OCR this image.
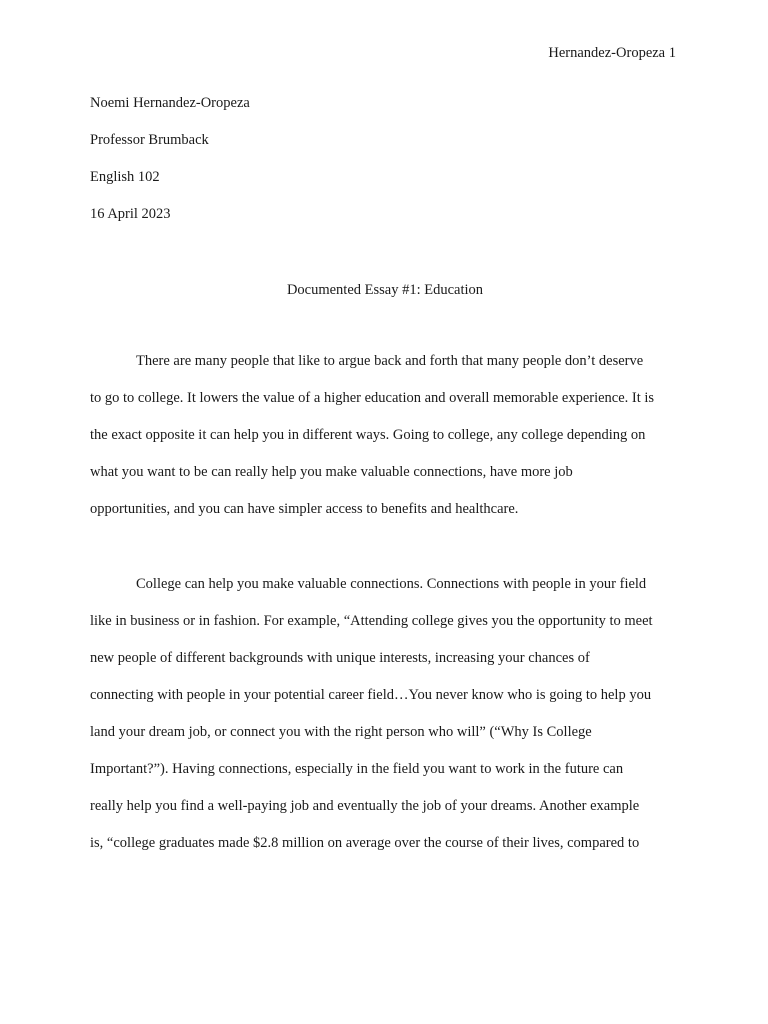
Hernandez-Oropeza 1
Noemi Hernandez-Oropeza
Professor Brumback
English 102
16 April 2023
Documented Essay #1: Education
There are many people that like to argue back and forth that many people don’t deserve
to go to college. It lowers the value of a higher education and overall memorable experience. It is
the exact opposite it can help you in different ways. Going to college, any college depending on
what you want to be can really help you make valuable connections, have more job
opportunities, and you can have simpler access to benefits and healthcare.
College can help you make valuable connections. Connections with people in your field
like in business or in fashion. For example, “Attending college gives you the opportunity to meet
new people of different backgrounds with unique interests, increasing your chances of
connecting with people in your potential career field…You never know who is going to help you
land your dream job, or connect you with the right person who will” (“Why Is College
Important?”). Having connections, especially in the field you want to work in the future can
really help you find a well-paying job and eventually the job of your dreams. Another example
is, “college graduates made $2.8 million on average over the course of their lives, compared to
